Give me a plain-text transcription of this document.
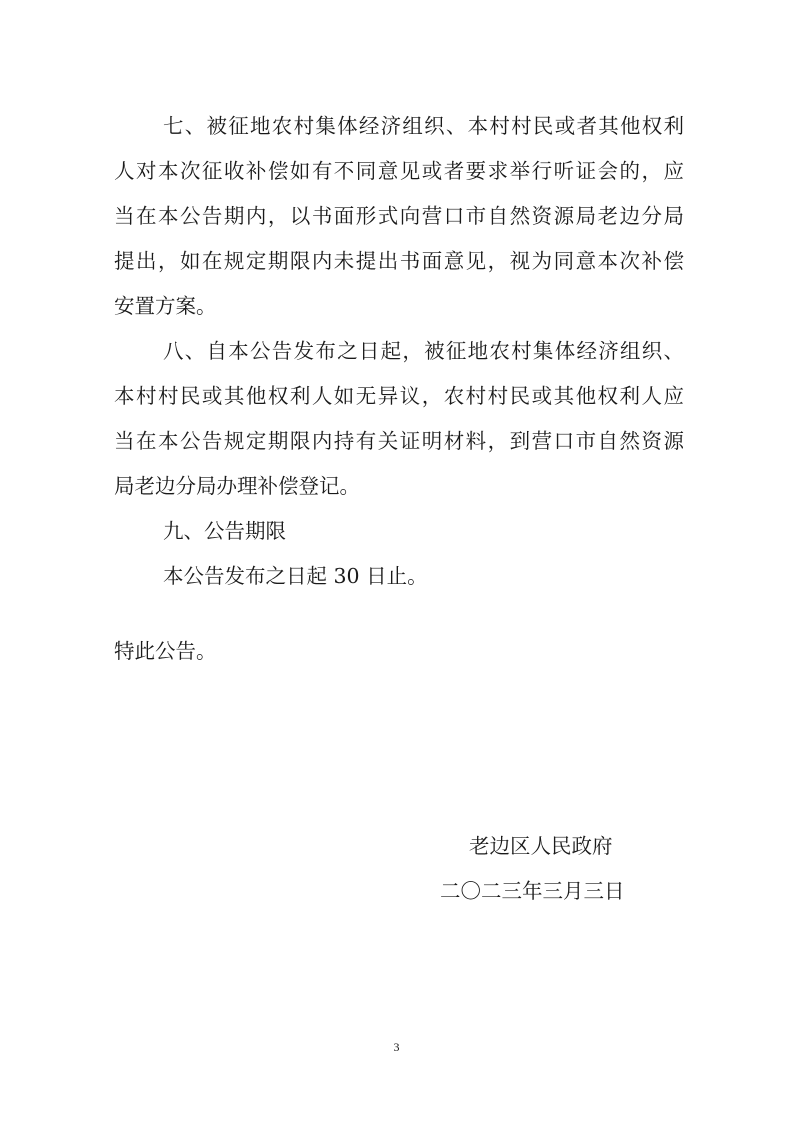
七、被征地农村集体经济组织、本村村民或者其他权利
人对本次征收补偿如有不同意见或者要求举行听证会的，应
当在本公告期内，以书面形式向营口市自然资源局老边分局
提出，如在规定期限内未提出书面意见，视为同意本次补偿
安置方案。
八、自本公告发布之日起，被征地农村集体经济组织、
本村村民或其他权利人如无异议，农村村民或其他权利人应
当在本公告规定期限内持有关证明材料，到营口市自然资源
局老边分局办理补偿登记。
九、公告期限
本公告发布之日起 30 日止。
特此公告。
老边区人民政府
二〇二三年三月三日
3
